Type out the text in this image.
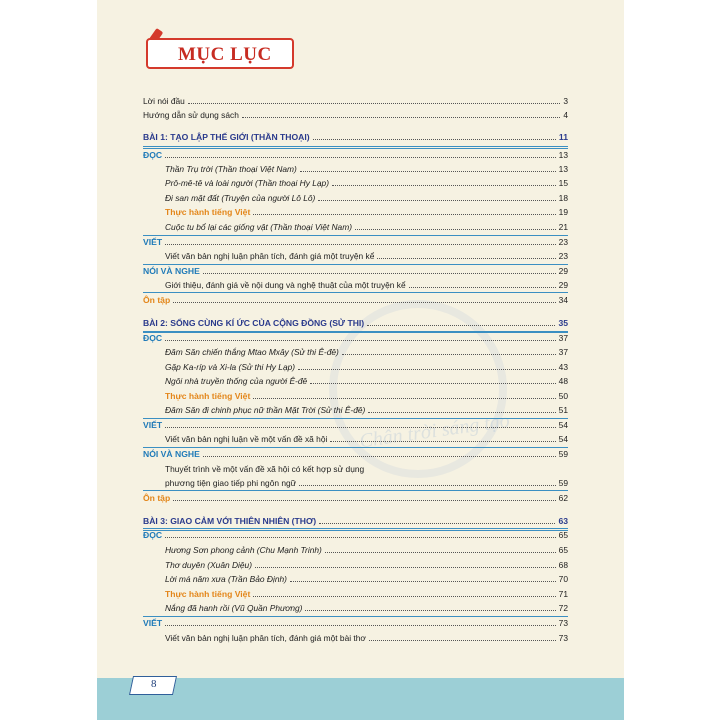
Chân trời sáng tạo
MỤC LỤC
Lời nói đầu	3
Hướng dẫn sử dụng sách	4
BÀI 1: TẠO LẬP THẾ GIỚI (THẦN THOẠI)	11
ĐỌC	13
Thần Trụ trời (Thần thoại Việt Nam)	13
Prô-mê-tê và loài người (Thần thoại Hy Lạp)	15
Đi san mặt đất (Truyện của người Lô Lô)	18
Thực hành tiếng Việt	19
Cuộc tu bổ lại các giống vật (Thần thoại Việt Nam)	21
VIẾT	23
Viết văn bản nghị luận phân tích, đánh giá một truyện kể	23
NÓI VÀ NGHE	29
Giới thiệu, đánh giá về nội dung và nghệ thuật của một truyện kể	29
Ôn tập	34
BÀI 2: SỐNG CÙNG KÍ ỨC CỦA CỘNG ĐỒNG (SỬ THI)	35
ĐỌC	37
Đăm Săn chiến thắng Mtao Mxây (Sử thi Ê-đê)	37
Gặp Ka-ríp và Xi-la (Sử thi Hy Lạp)	43
Ngôi nhà truyền thống của người Ê-đê	48
Thực hành tiếng Việt	50
Đăm Săn đi chinh phục nữ thần Mặt Trời (Sử thi Ê-đê)	51
VIẾT	54
Viết văn bản nghị luận về một vấn đề xã hội	54
NÓI VÀ NGHE	59
Thuyết trình về một vấn đề xã hội có kết hợp sử dụng
phương tiện giao tiếp phi ngôn ngữ	59
Ôn tập	62
BÀI 3: GIAO CẢM VỚI THIÊN NHIÊN (THƠ)	63
ĐỌC	65
Hương Sơn phong cảnh (Chu Mạnh Trinh)	65
Thơ duyên (Xuân Diệu)	68
Lời má năm xưa (Trần Bảo Định)	70
Thực hành tiếng Việt	71
Nắng đã hanh rồi (Vũ Quần Phương)	72
VIẾT	73
Viết văn bản nghị luận phân tích, đánh giá một bài thơ	73
8
